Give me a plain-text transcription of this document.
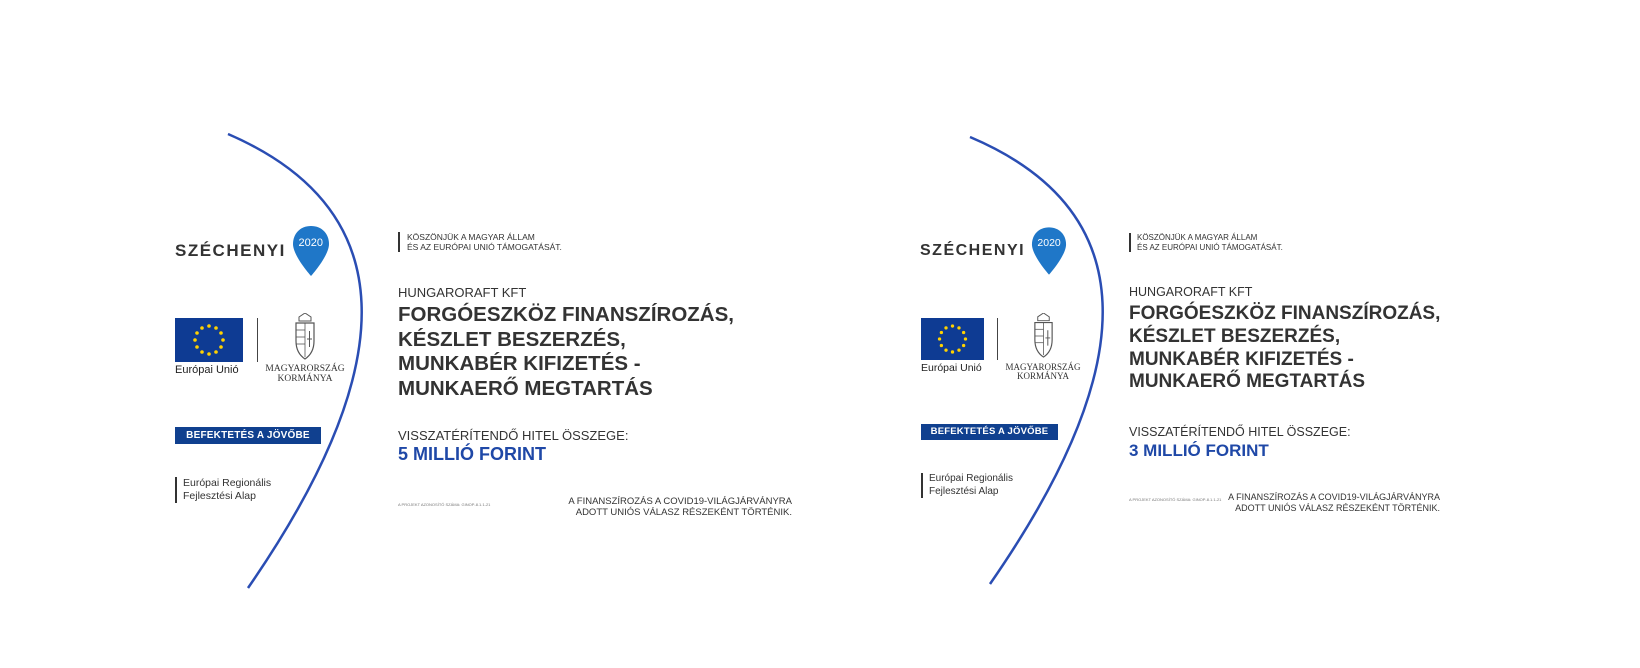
SZÉCHENYI	2020
Európai Unió	MAGYARORSZÁG
KORMÁNYA
BEFEKTETÉS A JÖVŐBE
Európai Regionális
Fejlesztési Alap
KÖSZÖNJÜK A MAGYAR ÁLLAM
ÉS AZ EURÓPAI UNIÓ TÁMOGATÁSÁT.
HUNGARORAFT KFT
FORGÓESZKÖZ FINANSZÍROZÁS,
KÉSZLET BESZERZÉS,
MUNKABÉR KIFIZETÉS -
MUNKAERŐ MEGTARTÁS
VISSZATÉRÍTENDŐ HITEL ÖSSZEGE:
5 MILLIÓ FORINT
A PROJEKT AZONOSÍTÓ SZÁMA: GINOP-8.1.1-21	A FINANSZÍROZÁS A COVID19-VILÁGJÁRVÁNYRA
ADOTT UNIÓS VÁLASZ RÉSZEKÉNT TÖRTÉNIK.
SZÉCHENYI	2020
Európai Unió	MAGYARORSZÁG
KORMÁNYA
BEFEKTETÉS A JÖVŐBE
Európai Regionális
Fejlesztési Alap
KÖSZÖNJÜK A MAGYAR ÁLLAM
ÉS AZ EURÓPAI UNIÓ TÁMOGATÁSÁT.
HUNGARORAFT KFT
FORGÓESZKÖZ FINANSZÍROZÁS,
KÉSZLET BESZERZÉS,
MUNKABÉR KIFIZETÉS -
MUNKAERŐ MEGTARTÁS
VISSZATÉRÍTENDŐ HITEL ÖSSZEGE:
3 MILLIÓ FORINT
A PROJEKT AZONOSÍTÓ SZÁMA: GINOP-8.1.1-21 A FINANSZÍROZÁS A COVID19-VILÁGJÁRVÁNYRA
ADOTT UNIÓS VÁLASZ RÉSZEKÉNT TÖRTÉNIK.
